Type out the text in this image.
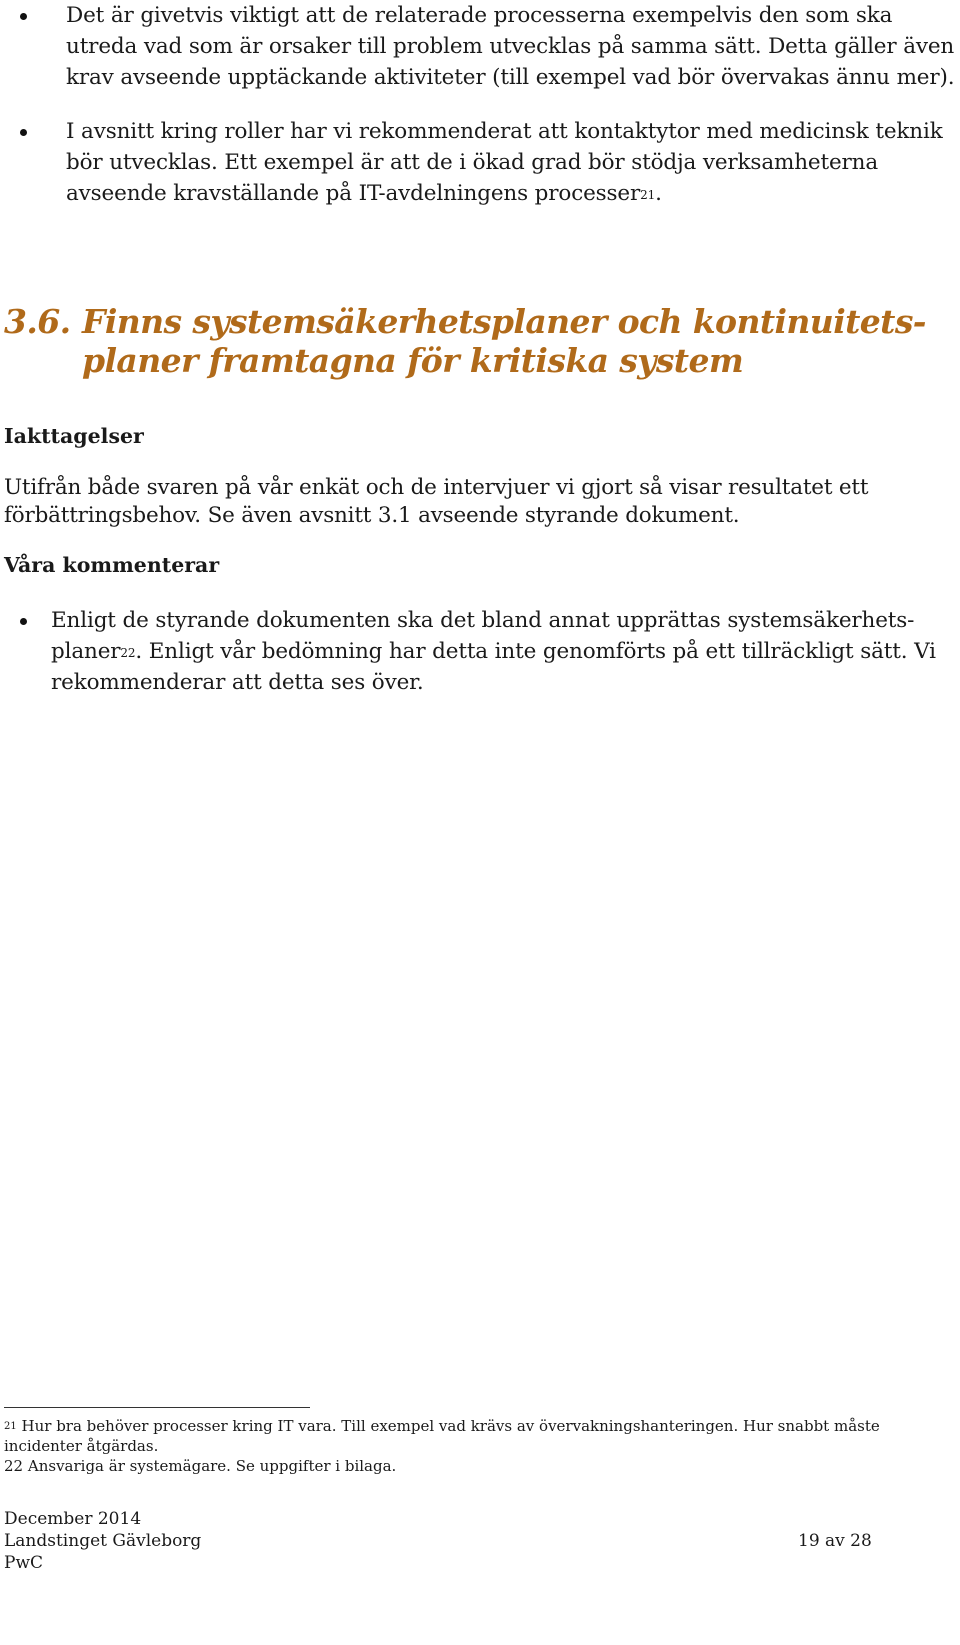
Det är givetvis viktigt att de relaterade processerna exempelvis den som ska utreda vad som är orsaker till problem utvecklas på samma sätt. Detta gäller även krav avseende upptäckande aktiviteter (till exempel vad bör övervakas ännu mer).
I avsnitt kring roller har vi rekommenderat att kontaktytor med medicinsk teknik bör utvecklas. Ett exempel är att de i ökad grad bör stödja verksamheterna avseende kravställande på IT-avdelningens processer$^{21}$.
3.6. Finns systemsäkerhetsplaner och kontinuitets-planer framtagna för kritiska system
Iakttagelser
Utifrån både svaren på vår enkät och de intervjuer vi gjort så visar resultatet ett förbättringsbehov. Se även avsnitt 3.1 avseende styrande dokument.
Våra kommenterar
Enligt de styrande dokumenten ska det bland annat upprättas systemsäkerhets-planer$^{22}$. Enligt vår bedömning har detta inte genomförts på ett tillräckligt sätt. Vi rekommenderar att detta ses över.
$^{21}$ Hur bra behöver processer kring IT vara. Till exempel vad krävs av övervakningshanteringen. Hur snabbt måste incidenter åtgärdas.
22 Ansvariga är systemägare. Se uppgifter i bilaga.
December 2014
Landstinget Gävleborg
PwC
19 av 28
